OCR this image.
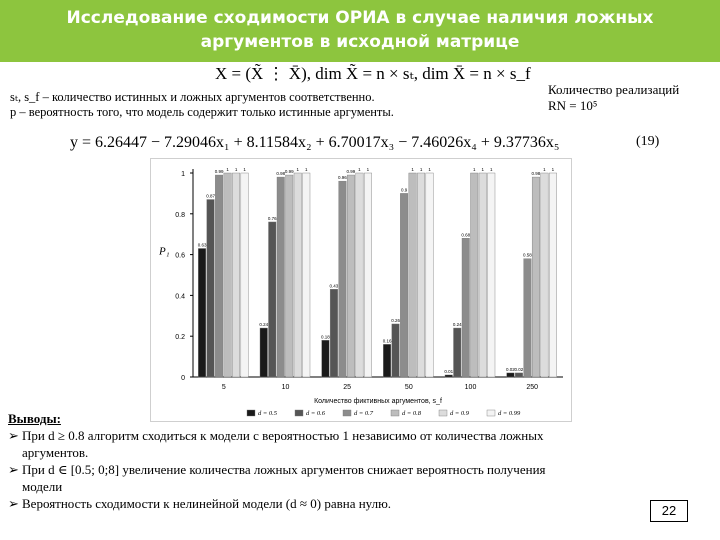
Исследование сходимости ОРИА в случае наличия ложных
аргументов в исходной матрице
X = (X̃ ⋮ X̄), dim X̃ = n × sₜ, dim X̄ = n × s_f
sₜ, s_f – количество истинных и ложных аргументов соответственно.
p – вероятность того, что модель содержит только истинные аргументы.
Количество реализаций
RN = 10⁵
y = 6.26447 − 7.29046x₁ + 8.11584x₂ + 6.70017x₃ − 7.46026x₄ + 9.37736x₅	(19)
0
0.2
0.4
0.6
0.8
1
P₁
0.63
0.87
0.99 1 1 1
5
0.24
0.76
0.98 0.99 1 1
10
0.18
0.43
0.96
0.99 1 1
25
0.16
0.26
0.9
1 1 1
50
0.01
0.24
0.68
1 1 1
100
0.02 0.02
0.58
0.98
1 1
250
Количество фиктивных аргументов, s_f
d = 0.5	d = 0.6	d = 0.7	d = 0.8	d = 0.9	d = 0.99
Выводы:
➢ При d ≥ 0.8 алгоритм сходиться к модели с вероятностью 1 независимо от количества ложных
аргументов.
➢ При d ∈ [0.5; 0;8] увеличение количества ложных аргументов снижает вероятность получения
модели
➢ Вероятность сходимости к нелинейной модели (d ≈ 0) равна нулю.	22
